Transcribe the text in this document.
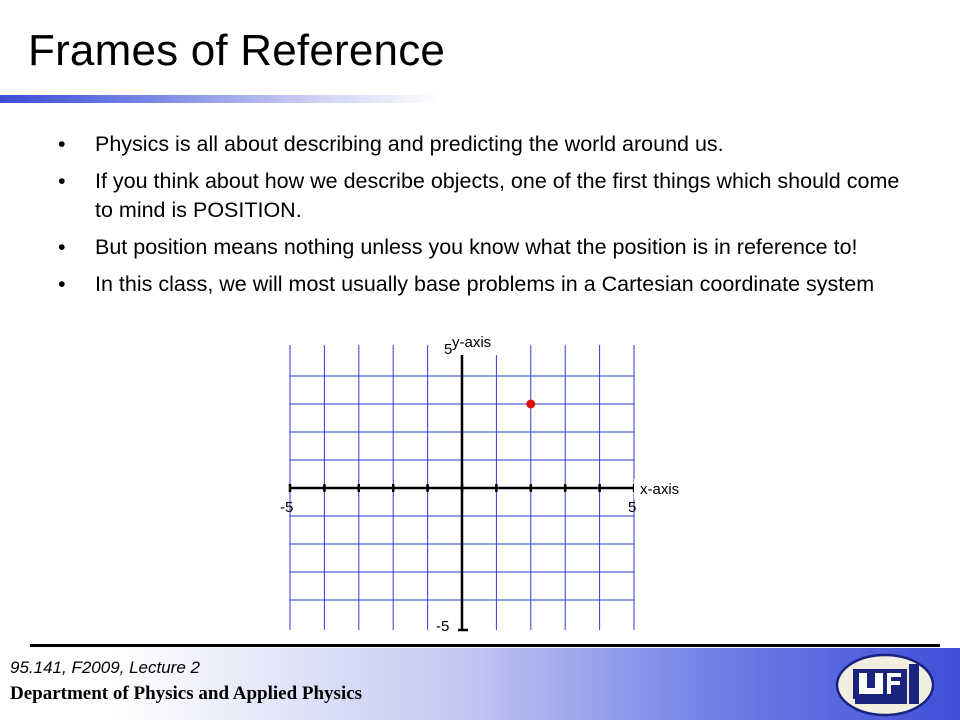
Frames of Reference
• Physics is all about describing and predicting the world around us.
• If you think about how we describe objects, one of the first things which should come to mind is POSITION.
• But position means nothing unless you know what the position is in reference to!
• In this class, we will most usually base problems in a Cartesian coordinate system
y-axis
5
x-axis
5
-5
-5
95.141, F2009, Lecture 2
Department of Physics and Applied Physics
